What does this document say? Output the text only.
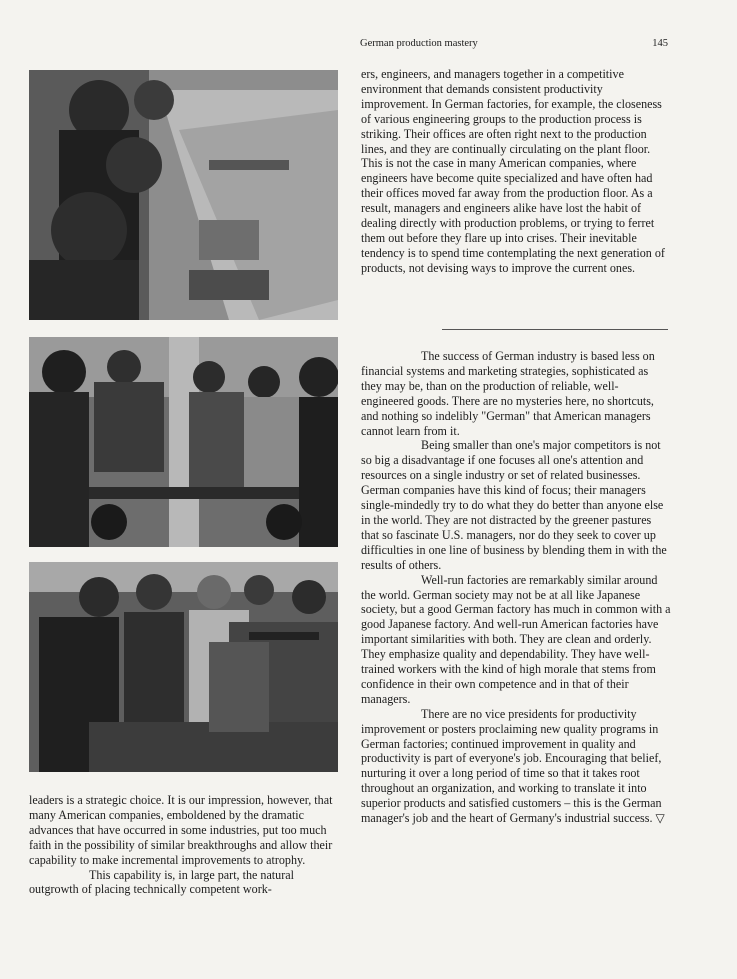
German production mastery	145

ers, engineers, and managers together in a competitive environment that demands consistent productivity improvement. In German factories, for example, the closeness of various engineering groups to the production process is striking. Their offices are often right next to the production lines, and they are continually circulating on the plant floor. This is not the case in many American companies, where engineers have become quite specialized and have often had their offices moved far away from the production floor. As a result, managers and engineers alike have lost the habit of dealing directly with production problems, or trying to ferret them out before they flare up into crises. Their inevitable tendency is to spend time contemplating the next generation of products, not devising ways to improve the current ones.

The success of German industry is based less on financial systems and marketing strategies, sophisticated as they may be, than on the production of reliable, well-engineered goods. There are no mysteries here, no shortcuts, and nothing so indelibly "German" that American managers cannot learn from it.

Being smaller than one's major competitors is not so big a disadvantage if one focuses all one's attention and resources on a single industry or set of related businesses. German companies have this kind of focus; their managers single-mindedly try to do what they do better than anyone else in the world. They are not distracted by the greener pastures that so fascinate U.S. managers, nor do they seek to cover up difficulties in one line of business by blending them in with the results of others.

Well-run factories are remarkably similar around the world. German society may not be at all like Japanese society, but a good German factory has much in common with a good Japanese factory. And well-run American factories have important similarities with both. They are clean and orderly. They emphasize quality and dependability. They have well-trained workers with the kind of high morale that stems from confidence in their own competence and in that of their managers.

There are no vice presidents for productivity improvement or posters proclaiming new quality programs in German factories; continued improvement in quality and productivity is part of everyone's job. Encouraging that belief, nurturing it over a long period of time so that it takes root throughout an organization, and working to translate it into superior products and satisfied customers – this is the German manager's job and the heart of Germany's industrial success. ▽

leaders is a strategic choice. It is our impression, however, that many American companies, emboldened by the dramatic advances that have occurred in some industries, put too much faith in the possibility of similar breakthroughs and allow their capability to make incremental improvements to atrophy.

This capability is, in large part, the natural outgrowth of placing technically competent work-
